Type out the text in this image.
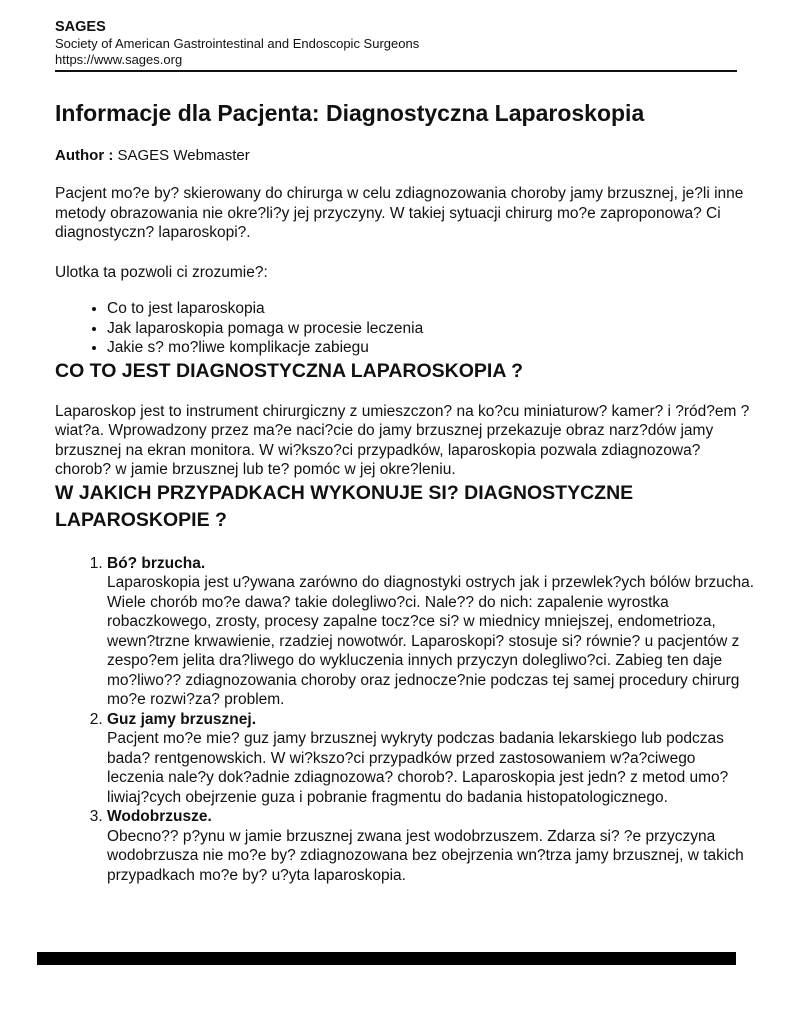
SAGES
Society of American Gastrointestinal and Endoscopic Surgeons
https://www.sages.org
Informacje dla Pacjenta: Diagnostyczna Laparoskopia
Author : SAGES Webmaster

Pacjent mo?e by? skierowany do chirurga w celu zdiagnozowania choroby jamy brzusznej, je?li inne metody obrazowania nie okre?li?y jej przyczyny. W takiej sytuacji chirurg mo?e zaproponowa? Ci diagnostyczn? laparoskopi?.

Ulotka ta pozwoli ci zrozumie?:

• Co to jest laparoskopia
• Jak laparoskopia pomaga w procesie leczenia
• Jakie s? mo?liwe komplikacje zabiegu
CO TO JEST DIAGNOSTYCZNA LAPAROSKOPIA ?

Laparoskop jest to instrument chirurgiczny z umieszczon? na ko?cu miniaturow? kamer? i ?ród?em ?wiat?a. Wprowadzony przez ma?e naci?cie do jamy brzusznej przekazuje obraz narz?dów jamy brzusznej na ekran monitora. W wi?kszo?ci przypadków, laparoskopia pozwala zdiagnozowa? chorob? w jamie brzusznej lub te? pomóc w jej okre?leniu.

W JAKICH PRZYPADKACH WYKONUJE SI? DIAGNOSTYCZNE LAPAROSKOPIE ?
1. Bó? brzucha.
Laparoskopia jest u?ywana zarówno do diagnostyki ostrych jak i przewlek?ych bólów brzucha. Wiele chorób mo?e dawa? takie dolegliwo?ci. Nale?? do nich: zapalenie wyrostka robaczkowego, zrosty, procesy zapalne tocz?ce si? w miednicy mniejszej, endometrioza, wewn?trzne krwawienie, rzadziej nowotwór. Laparoskopi? stosuje si? równie? u pacjentów z zespo?em jelita dra?liwego do wykluczenia innych przyczyn dolegliwo?ci. Zabieg ten daje mo?liwo?? zdiagnozowania choroby oraz jednocze?nie podczas tej samej procedury chirurg mo?e rozwi?za? problem.
2. Guz jamy brzusznej.
Pacjent mo?e mie? guz jamy brzusznej wykryty podczas badania lekarskiego lub podczas bada? rentgenowskich. W wi?kszo?ci przypadków przed zastosowaniem w?a?ciwego leczenia nale?y dok?adnie zdiagnozowa? chorob?. Laparoskopia jest jedn? z metod umo?liwiaj?cych obejrzenie guza i pobranie fragmentu do badania histopatologicznego.
3. Wodobrzusze.
Obecno?? p?ynu w jamie brzusznej zwana jest wodobrzuszem. Zdarza si? ?e przyczyna wodobrzusza nie mo?e by? zdiagnozowana bez obejrzenia wn?trza jamy brzusznej, w takich przypadkach mo?e by? u?yta laparoskopia.
